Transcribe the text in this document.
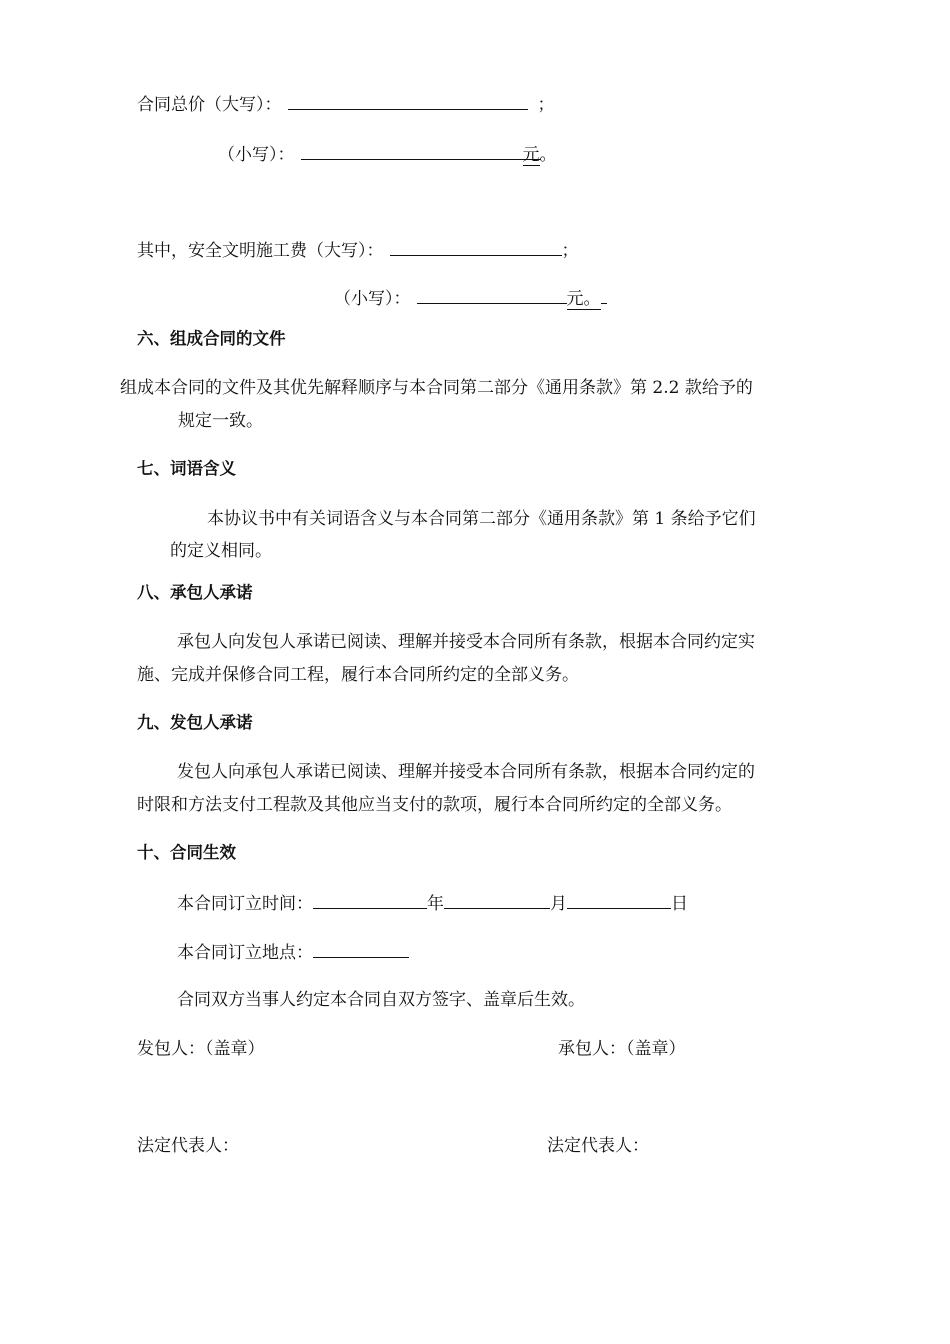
合同总价（大写）：	；
（小写）：	元。
其中，安全文明施工费（大写）：	；
（小写）：	元。
六、组成合同的文件
组成本合同的文件及其优先解释顺序与本合同第二部分《通用条款》第 2.2 款给予的
规定一致。
七、词语含义
本协议书中有关词语含义与本合同第二部分《通用条款》第 1 条给予它们
的定义相同。
八、承包人承诺
承包人向发包人承诺已阅读、理解并接受本合同所有条款，根据本合同约定实
施、完成并保修合同工程，履行本合同所约定的全部义务。
九、发包人承诺
发包人向承包人承诺已阅读、理解并接受本合同所有条款，根据本合同约定的
时限和方法支付工程款及其他应当支付的款项，履行本合同所约定的全部义务。
十、合同生效
本合同订立时间：	年	月	日
本合同订立地点：
合同双方当事人约定本合同自双方签字、盖章后生效。
发包人：（盖章）	承包人：（盖章）
法定代表人：	法定代表人：
